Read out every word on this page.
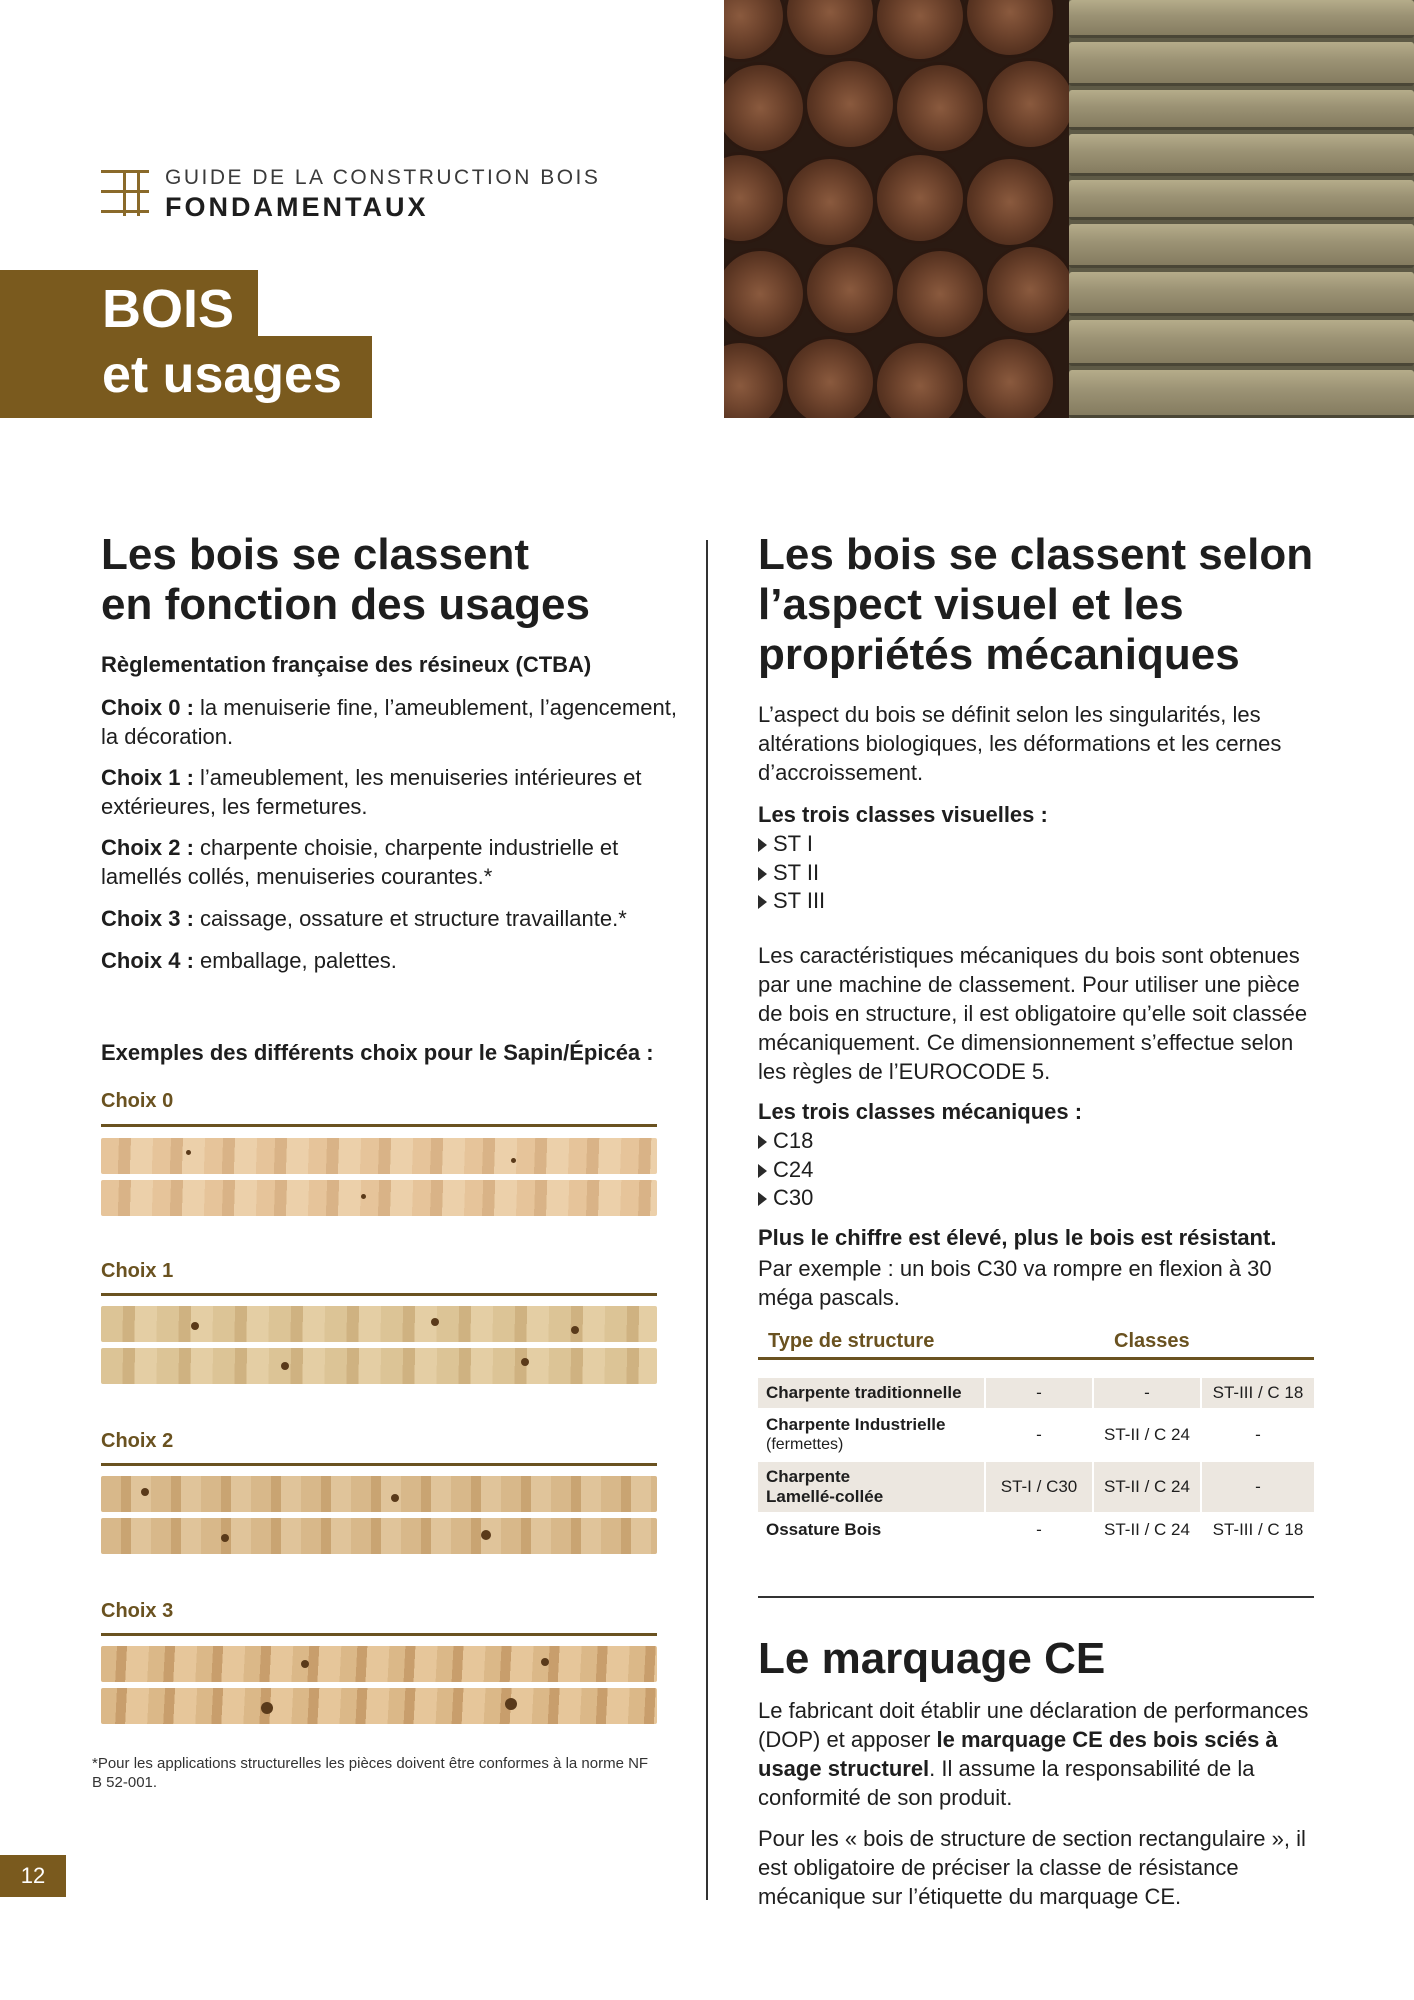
GUIDE DE LA CONSTRUCTION BOIS
FONDAMENTAUX
BOIS
et usages
Les bois se classent
en fonction des usages
Règlementation française des résineux (CTBA)
Choix 0 : la menuiserie fine, l’ameublement, l’agencement, la décoration.
Choix 1 : l’ameublement, les menuiseries intérieures et extérieures, les fermetures.
Choix 2 : charpente choisie, charpente industrielle et lamellés collés, menuiseries courantes.*
Choix 3 : caissage, ossature et structure travaillante.*
Choix 4 : emballage, palettes.
Exemples des différents choix pour le Sapin/Épicéa :
Choix 0
Choix 1
Choix 2
Choix 3
*Pour les applications structurelles les pièces doivent être conformes à la norme NF B 52-001.
12
Les bois se classent selon
l’aspect visuel et les
propriétés mécaniques
L’aspect du bois se définit selon les singularités, les altérations biologiques, les déformations et les cernes d’accroissement.
Les trois classes visuelles :
ST I
ST II
ST III
Les caractéristiques mécaniques du bois sont obtenues par une machine de classement. Pour utiliser une pièce de bois en structure, il est obligatoire qu’elle soit classée mécaniquement. Ce dimensionnement s’effectue selon les règles de l’EUROCODE 5.
Les trois classes mécaniques :
C18
C24
C30
Plus le chiffre est élevé, plus le bois est résistant.
Par exemple : un bois C30 va rompre en flexion à 30 méga pascals.
Type de structure	Classes
Charpente traditionnelle	-	-	ST-III / C 18
Charpente Industrielle
(fermettes)
-	ST-II / C 24	-
Charpente
Lamellé-collée
ST-I / C30	ST-II / C 24	-
Ossature Bois	-	ST-II / C 24	ST-III / C 18
Le marquage CE
Le fabricant doit établir une déclaration de performances (DOP) et apposer le marquage CE des bois sciés à usage structurel. Il assume la responsabilité de la conformité de son produit.
Pour les « bois de structure de section rectangulaire », il est obligatoire de préciser la classe de résistance mécanique sur l’étiquette du marquage CE.
